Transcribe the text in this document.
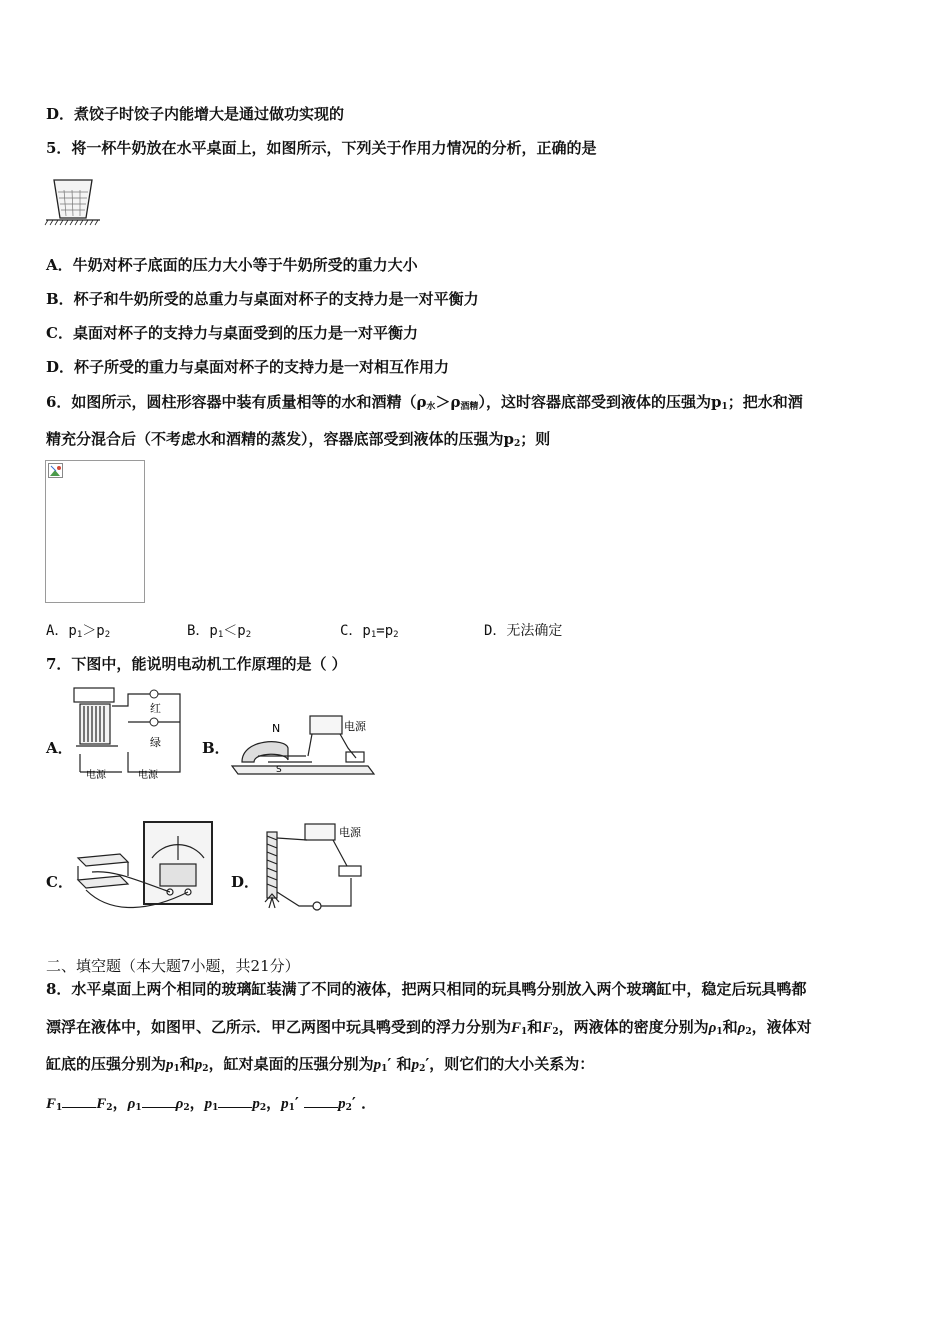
D．煮饺子时饺子内能增大是通过做功实现的
5．将一杯牛奶放在水平桌面上，如图所示，下列关于作用力情况的分析，正确的是
A．牛奶对杯子底面的压力大小等于牛奶所受的重力大小
B．杯子和牛奶所受的总重力与桌面对杯子的支持力是一对平衡力
C．桌面对杯子的支持力与桌面受到的压力是一对平衡力
D．杯子所受的重力与桌面对杯子的支持力是一对相互作用力
6．如图所示，圆柱形容器中装有质量相等的水和酒精$(\rho_水>\rho_{酒精})$，这时容器底部受到液体的压强为$p_1$；把水和酒
精充分混合后（不考虑水和酒精的蒸发），容器底部受到液体的压强为$p_2$；则
A．$p_1>p_2$	B．$p_1<p_2$	C．$p_1=p_2$	D．无法确定
7．下图中，能说明电动机工作原理的是（ ）
A．
红
绿
电源	电源
B．
N
S
电源
C．	D．
电源
二、填空题（本大题7小题，共21分）
8．水平桌面上两个相同的玻璃缸装满了不同的液体，把两只相同的玩具鸭分别放入两个玻璃缸中，稳定后玩具鸭都
漂浮在液体中，如图甲、乙所示．甲乙两图中玩具鸭受到的浮力分别为$F_1$和$F_2$，两液体的密度分别为$\rho_1$和$\rho_2$，液体对
缸底的压强分别为$p_1$和$p_2$，缸对桌面的压强分别为$p_1'$ 和$p_2'$，则它们的大小关系为：
$F_1$ $F_2$，$\rho_1$ $\rho_2$，$p_1$ $p_2$，$p_1'$	$p_2'$ ．
